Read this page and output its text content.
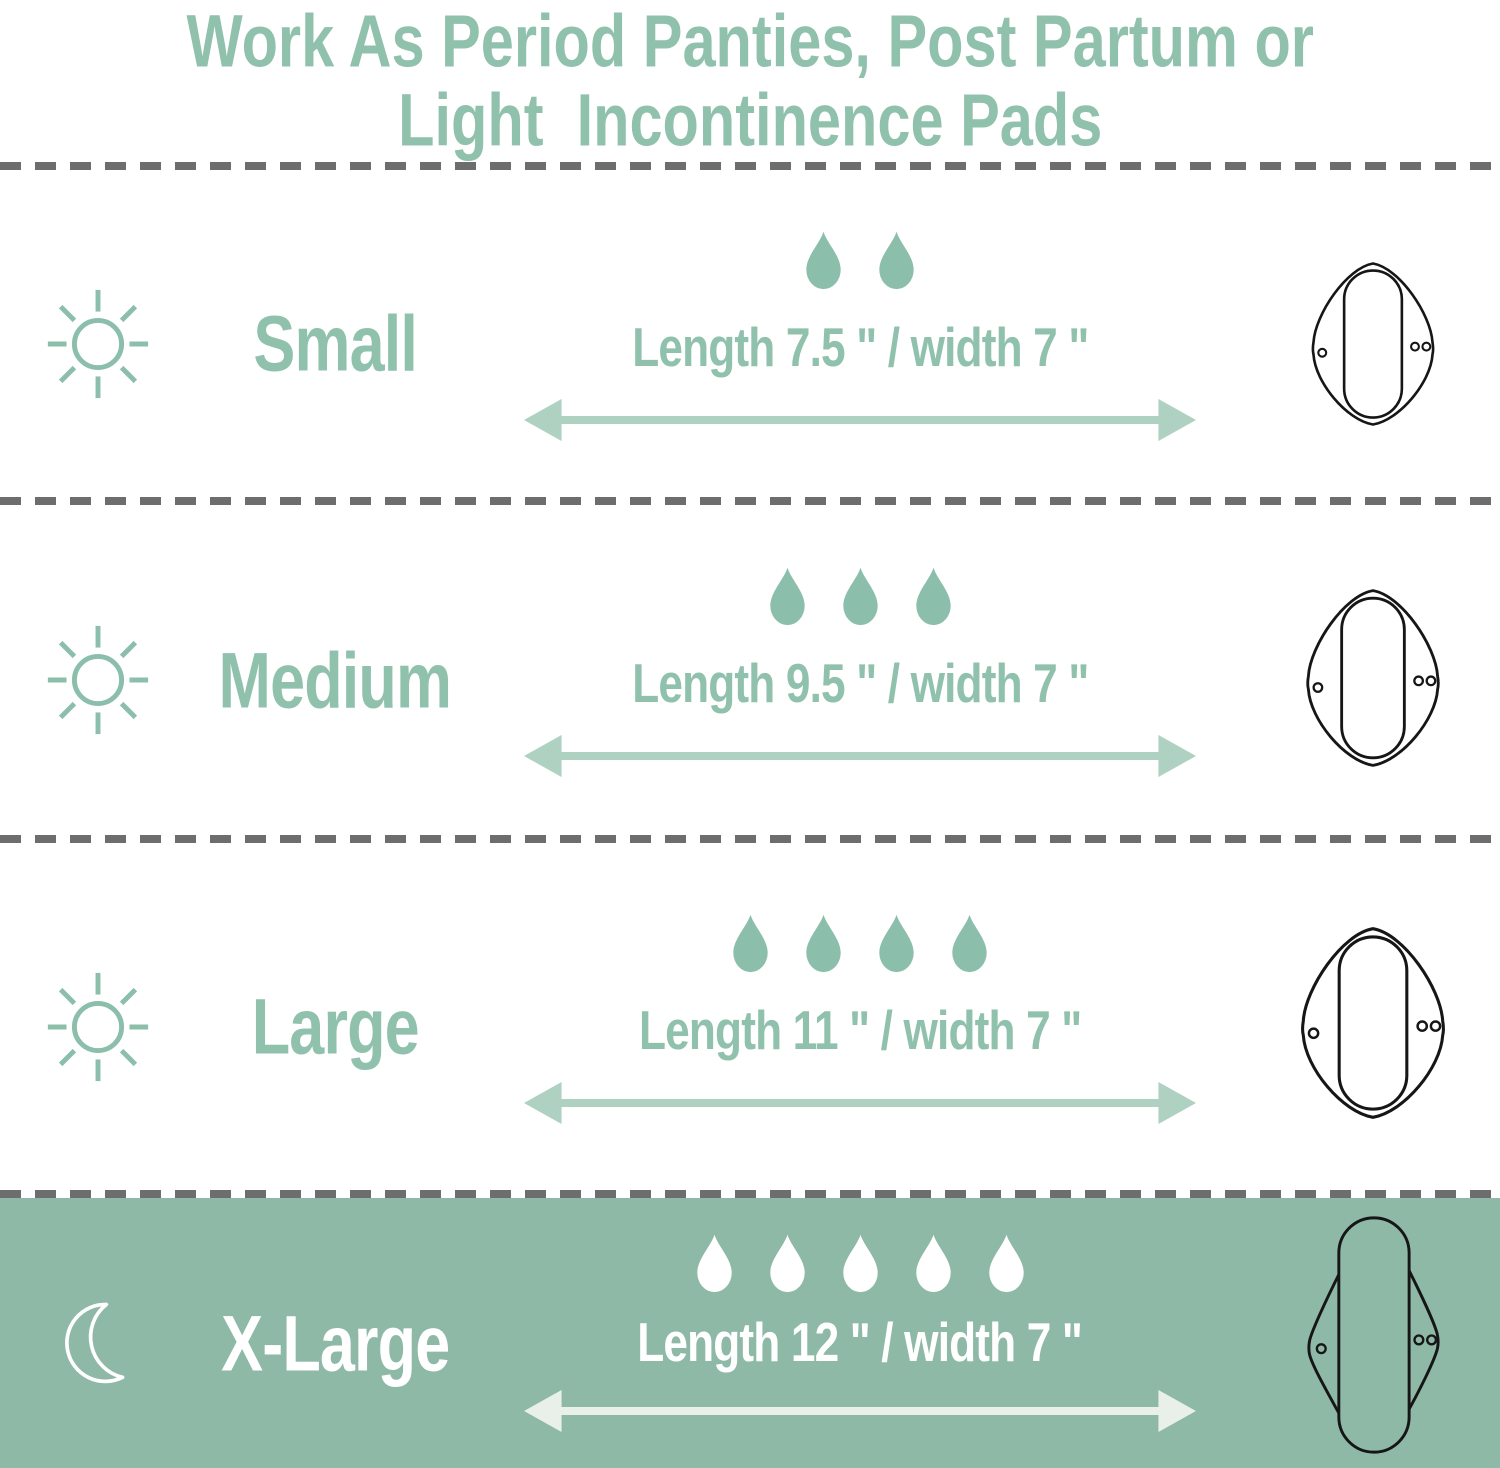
Work As Period Panties, Post Partum or
Light  Incontinence Pads
Small	Length 7.5 " / width 7 "
Medium	Length 9.5 " / width 7 "
Large	Length 11 " / width 7 "
X-Large	Length 12 " / width 7 "
